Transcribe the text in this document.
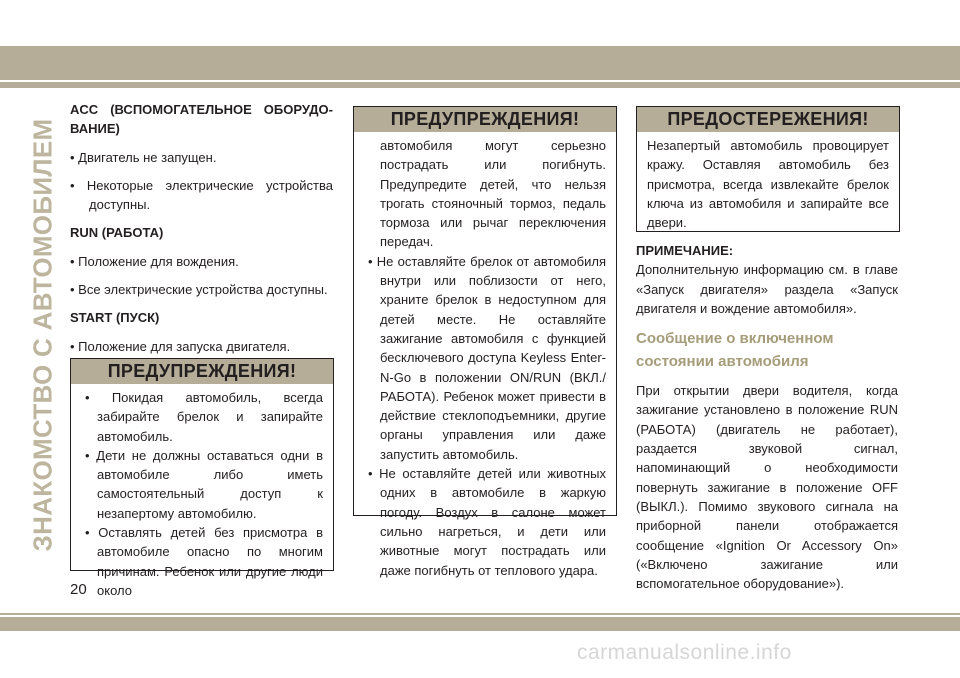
ЗНАКОМСТВО С АВТОМОБИЛЕМ

ACC (ВСПОМОГАТЕЛЬНОЕ ОБОРУДО-ВАНИЕ)

• Двигатель не запущен.

• Некоторые электрические устройства доступны.

RUN (РАБОТА)

• Положение для вождения.

• Все электрические устройства доступны.

START (ПУСК)

• Положение для запуска двигателя.

ПРЕДУПРЕЖДЕНИЯ!
• Покидая автомобиль, всегда забирайте брелок и запирайте автомобиль.
• Дети не должны оставаться одни в автомобиле либо иметь самостоятельный доступ к незапертому автомобилю.
• Оставлять детей без присмотра в автомобиле опасно по многим причинам. Ребенок или другие люди около
ПРЕДУПРЕЖДЕНИЯ!
автомобиля могут серьезно пострадать или погибнуть. Предупредите детей, что нельзя трогать стояночный тормоз, педаль тормоза или рычаг переключения передач.
• Не оставляйте брелок от автомобиля внутри или поблизости от него, храните брелок в недоступном для детей месте. Не оставляйте зажигание автомобиля с функцией бесключевого доступа Keyless Enter-N-Go в положении ON/RUN (ВКЛ./РАБОТА). Ребенок может привести в действие стеклоподъемники, другие органы управления или даже запустить автомобиль.
• Не оставляйте детей или животных одних в автомобиле в жаркую погоду. Воздух в салоне может сильно нагреться, и дети или животные могут пострадать или даже погибнуть от теплового удара.
ПРЕДОСТЕРЕЖЕНИЯ!

Незапертый автомобиль провоцирует кражу. Оставляя автомобиль без присмотра, всегда извлекайте брелок ключа из автомобиля и запирайте все двери.

ПРИМЕЧАНИЕ:

Дополнительную информацию см. в главе «Запуск двигателя» раздела «Запуск двигателя и вождение автомобиля».

Сообщение о включенном состоянии автомобиля

При открытии двери водителя, когда зажигание установлено в положение RUN (РАБОТА) (двигатель не работает), раздается звуковой сигнал, напоминающий о необходимости повернуть зажигание в положение OFF (ВЫКЛ.). Помимо звукового сигнала на приборной панели отображается сообщение «Ignition Or Accessory On» («Включено зажигание или вспомогательное оборудование»).

20
carmanualsonline.info
